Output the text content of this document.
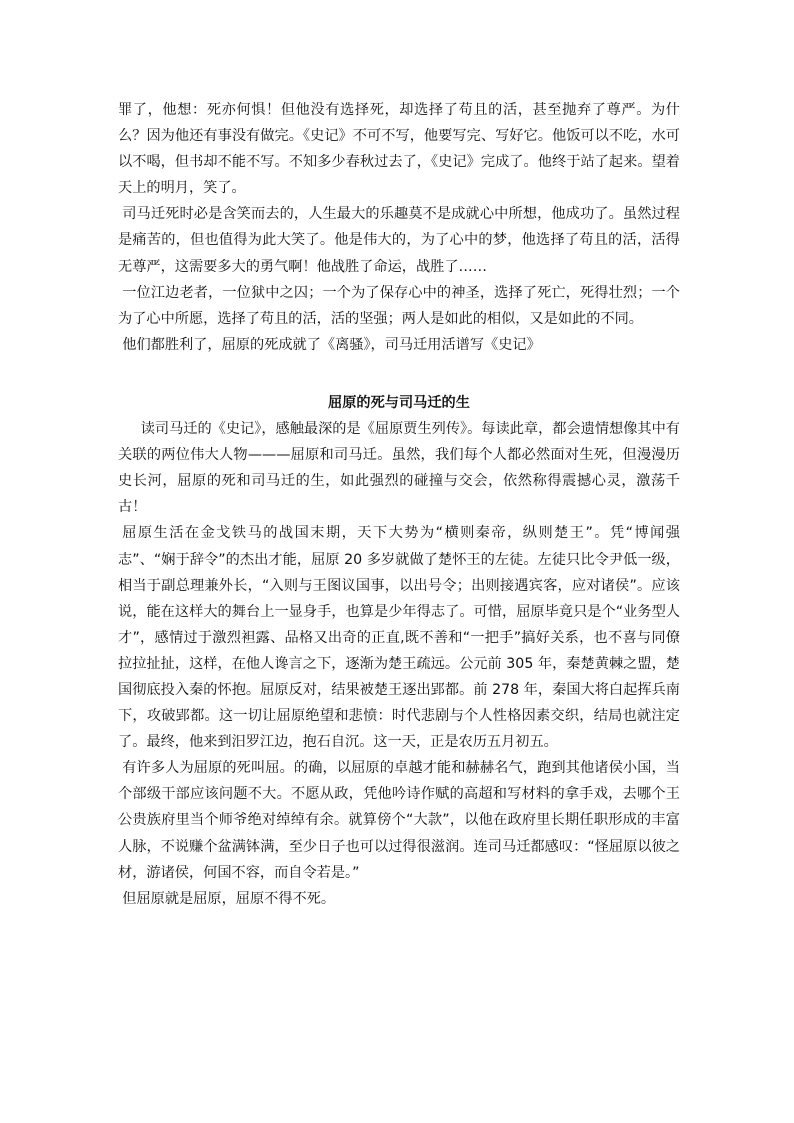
罪了，他想：死亦何惧！但他没有选择死，却选择了苟且的活，甚至抛弃了尊严。为什么？因为他还有事没有做完。《史记》不可不写，他要写完、写好它。他饭可以不吃，水可以不喝，但书却不能不写。不知多少春秋过去了，《史记》完成了。他终于站了起来。望着天上的明月，笑了。

司马迁死时必是含笑而去的，人生最大的乐趣莫不是成就心中所想，他成功了。虽然过程是痛苦的，但也值得为此大笑了。他是伟大的，为了心中的梦，他选择了苟且的活，活得无尊严，这需要多大的勇气啊！他战胜了命运，战胜了……

一位江边老者，一位狱中之囚；一个为了保存心中的神圣，选择了死亡，死得壮烈；一个为了心中所愿，选择了苟且的活，活的坚强；两人是如此的相似，又是如此的不同。

他们都胜利了，屈原的死成就了《离骚》，司马迁用活谱写《史记》

屈原的死与司马迁的生

读司马迁的《史记》，感触最深的是《屈原贾生列传》。每读此章，都会遗情想像其中有关联的两位伟大人物———屈原和司马迁。虽然，我们每个人都必然面对生死，但漫漫历史长河，屈原的死和司马迁的生，如此强烈的碰撞与交会，依然称得震撼心灵，激荡千古！

屈原生活在金戈铁马的战国末期，天下大势为“横则秦帝，纵则楚王”。凭“博闻强志”、“娴于辞令”的杰出才能，屈原 20 多岁就做了楚怀王的左徒。左徒只比令尹低一级，相当于副总理兼外长，“入则与王图议国事，以出号令；出则接遇宾客，应对诸侯”。应该说，能在这样大的舞台上一显身手，也算是少年得志了。可惜，屈原毕竟只是个“业务型人才”，感情过于激烈袒露、品格又出奇的正直,既不善和“一把手”搞好关系，也不喜与同僚拉拉扯扯，这样，在他人谗言之下，逐渐为楚王疏远。公元前 305 年，秦楚黄棘之盟，楚国彻底投入秦的怀抱。屈原反对，结果被楚王逐出郢都。前 278 年，秦国大将白起挥兵南下，攻破郢都。这一切让屈原绝望和悲愤：时代悲剧与个人性格因素交织，结局也就注定了。最终，他来到汨罗江边，抱石自沉。这一天，正是农历五月初五。

有许多人为屈原的死叫屈。的确，以屈原的卓越才能和赫赫名气，跑到其他诸侯小国，当个部级干部应该问题不大。不愿从政，凭他吟诗作赋的高超和写材料的拿手戏，去哪个王公贵族府里当个师爷绝对绰绰有余。就算傍个“大款”，以他在政府里长期任职形成的丰富人脉，不说赚个盆满钵满，至少日子也可以过得很滋润。连司马迁都感叹：“怪屈原以彼之材，游诸侯，何国不容，而自令若是。”

但屈原就是屈原，屈原不得不死。
